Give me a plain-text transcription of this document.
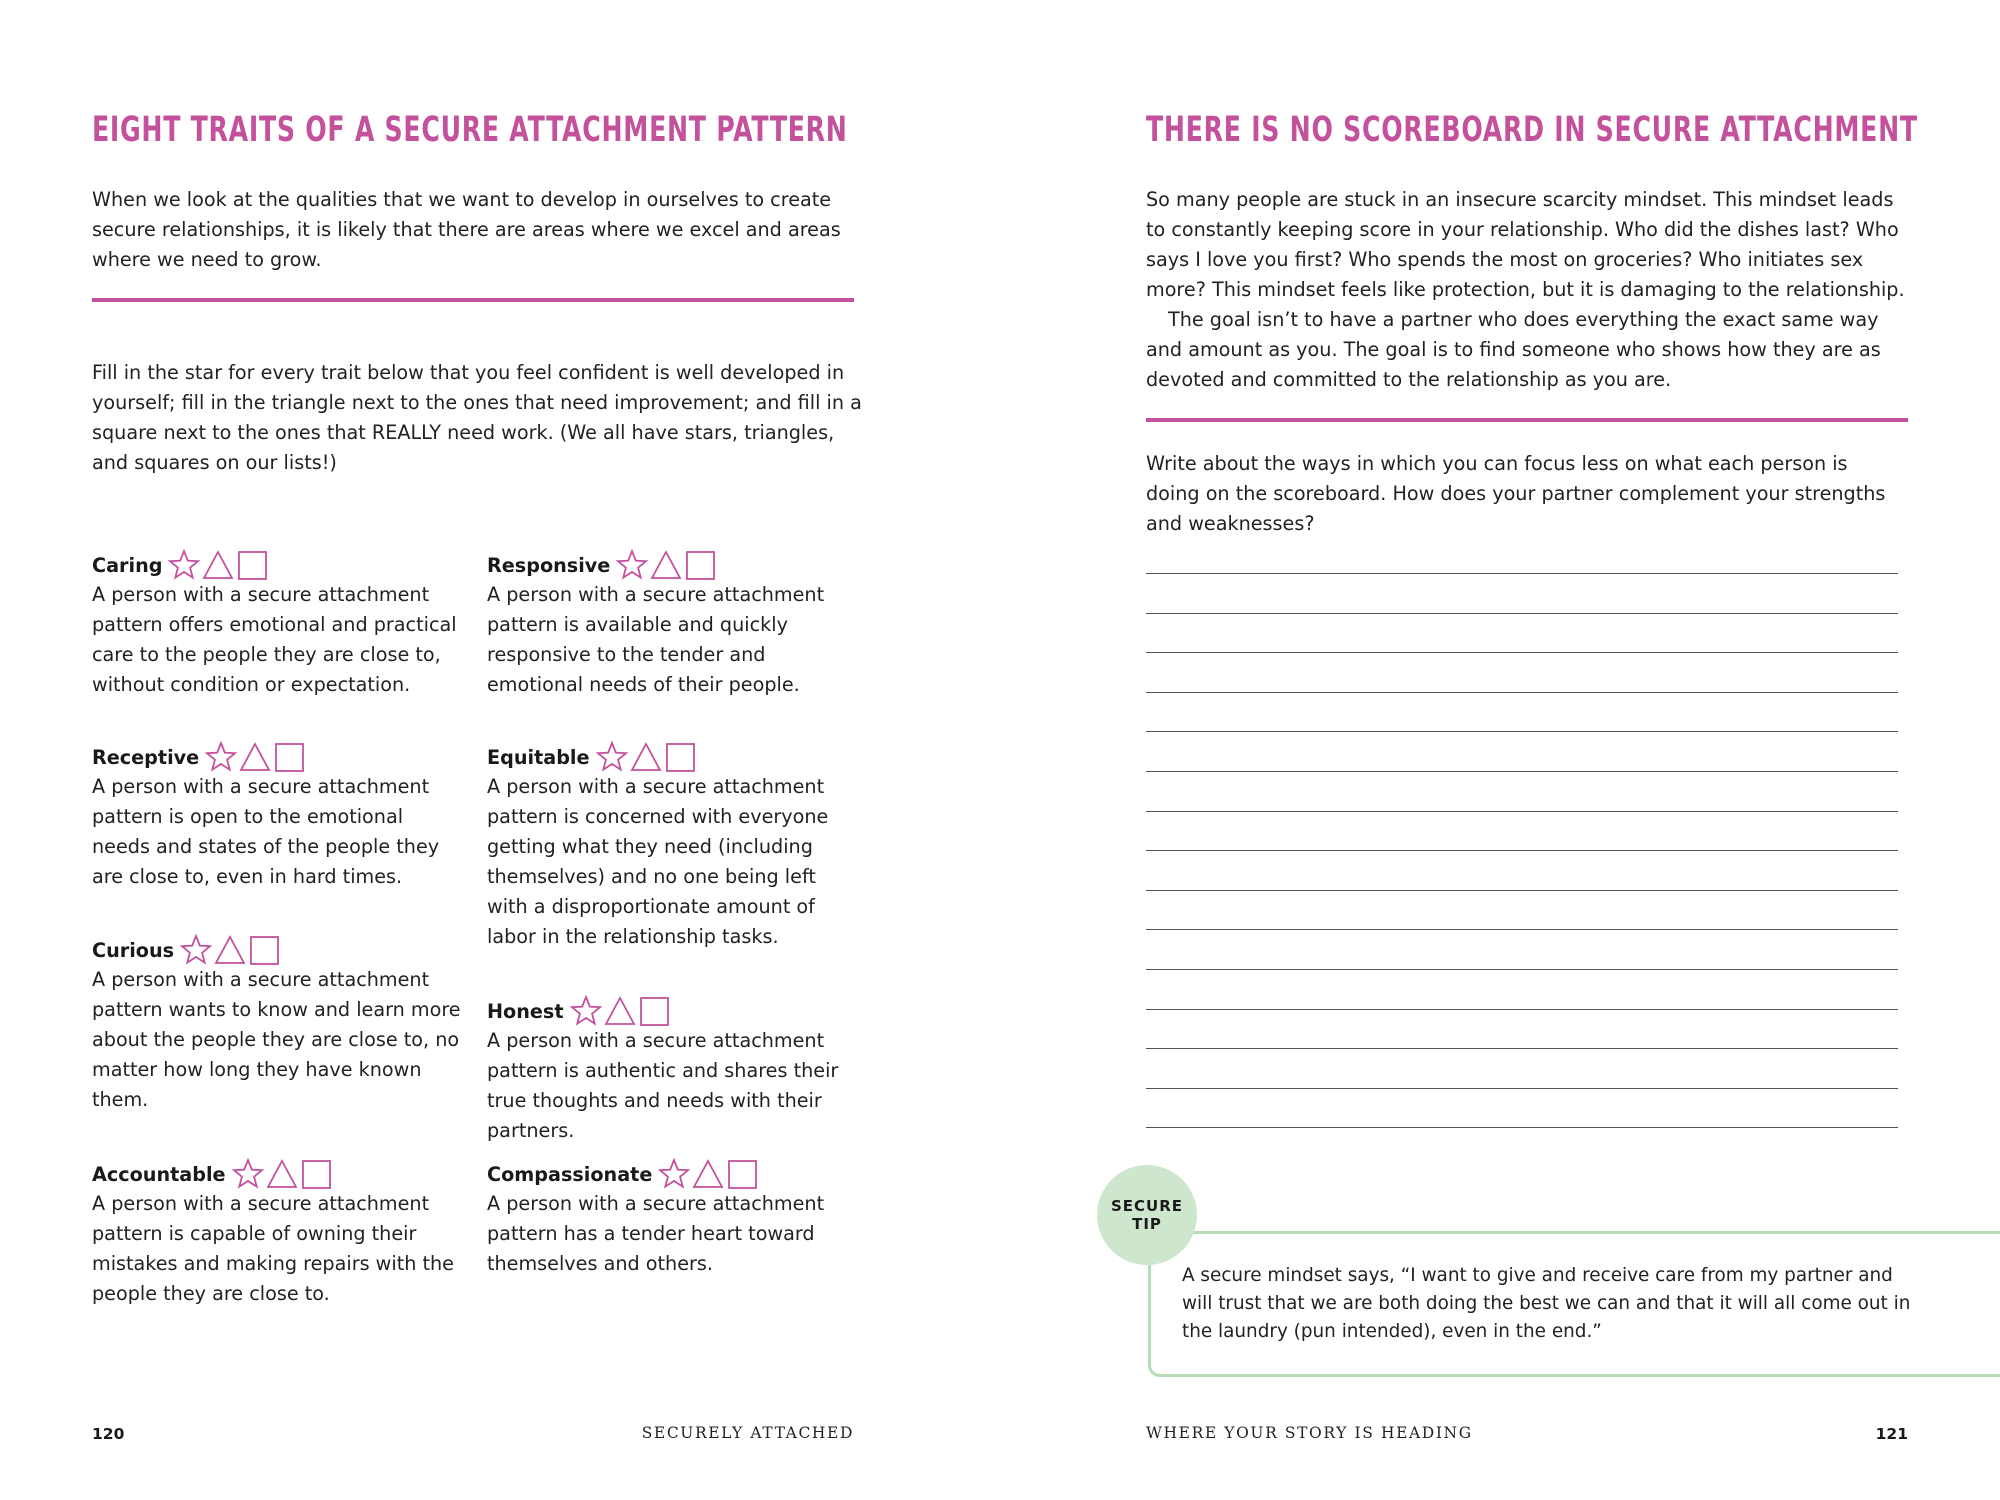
EIGHT TRAITS OF A SECURE ATTACHMENT PATTERN

When we look at the qualities that we want to develop in ourselves to create secure relationships, it is likely that there are areas where we excel and areas where we need to grow.

Fill in the star for every trait below that you feel confident is well developed in yourself; fill in the triangle next to the ones that need improvement; and fill in a square next to the ones that REALLY need work. (We all have stars, triangles, and squares on our lists!)

Caring

A person with a secure attachment pattern offers emotional and practical care to the people they are close to, without condition or expectation.

Responsive

A person with a secure attachment pattern is available and quickly responsive to the tender and emotional needs of their people.

Receptive

A person with a secure attachment pattern is open to the emotional needs and states of the people they are close to, even in hard times.

Equitable

A person with a secure attachment pattern is concerned with everyone getting what they need (including themselves) and no one being left with a disproportionate amount of labor in the relationship tasks.

Curious

A person with a secure attachment pattern wants to know and learn more about the people they are close to, no matter how long they have known them.

Honest

A person with a secure attachment pattern is authentic and shares their true thoughts and needs with their partners.

Accountable

A person with a secure attachment pattern is capable of owning their mistakes and making repairs with the people they are close to.

Compassionate

A person with a secure attachment pattern has a tender heart toward themselves and others.

120	SECURELY ATTACHED
THERE IS NO SCOREBOARD IN SECURE ATTACHMENT

So many people are stuck in an insecure scarcity mindset. This mindset leads to constantly keeping score in your relationship. Who did the dishes last? Who says I love you first? Who spends the most on groceries? Who initiates sex more? This mindset feels like protection, but it is damaging to the relationship.

The goal isn’t to have a partner who does everything the exact same way and amount as you. The goal is to find someone who shows how they are as devoted and committed to the relationship as you are.

Write about the ways in which you can focus less on what each person is doing on the scoreboard. How does your partner complement your strengths and weaknesses?

SECURE
TIP

A secure mindset says, “I want to give and receive care from my partner and will trust that we are both doing the best we can and that it will all come out in the laundry (pun intended), even in the end.”

WHERE YOUR STORY IS HEADING	121
